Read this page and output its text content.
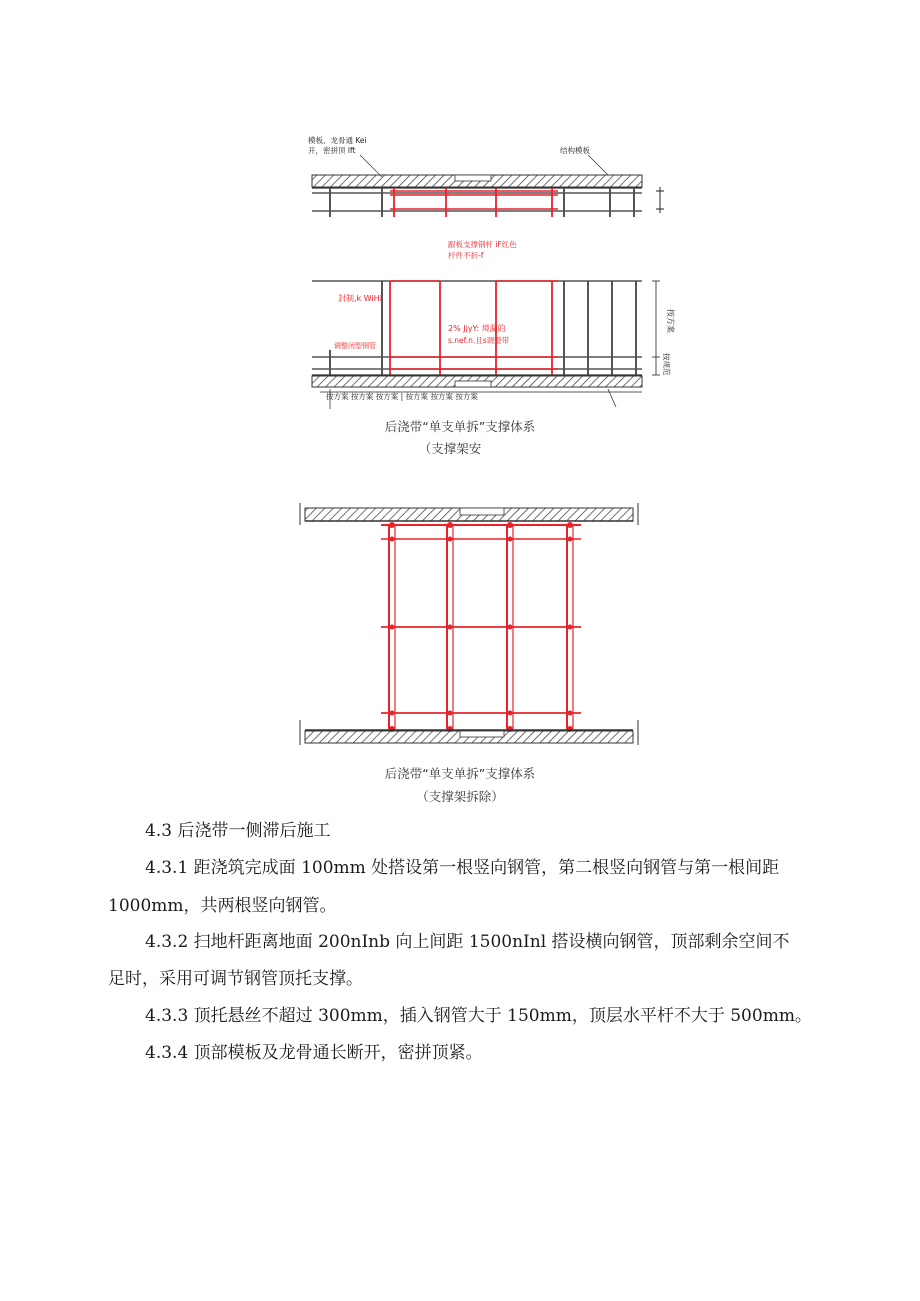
模板、龙骨通 Kei
开，密拼顶 lft	结构模板
跟板支撑钢杆 iF红色
杆件不折-f
封制,k WiHi
调整闭型钢管
2% JjyY: 境漏的
s.nef.n.且s调整带
按方案
按规范
按方案 按方案 按方案 | 按方案 按方案 按方案
后浇带“单支单拆”支撑体系
（支撑架安
后浇带“单支单拆”支撑体系
（支撑架拆除）
4.3 后浇带一侧滞后施工
4.3.1 距浇筑完成面 100mm 处搭设第一根竖向钢管，第二根竖向钢管与第一根间距
1000mm，共两根竖向钢管。
4.3.2 扫地杆距离地面 200nInb 向上间距 1500nInl 搭设横向钢管，顶部剩余空间不
足时，采用可调节钢管顶托支撑。
4.3.3 顶托悬丝不超过 300mm，插入钢管大于 150mm，顶层水平杆不大于 500mm。
4.3.4 顶部模板及龙骨通长断开，密拼顶紧。
